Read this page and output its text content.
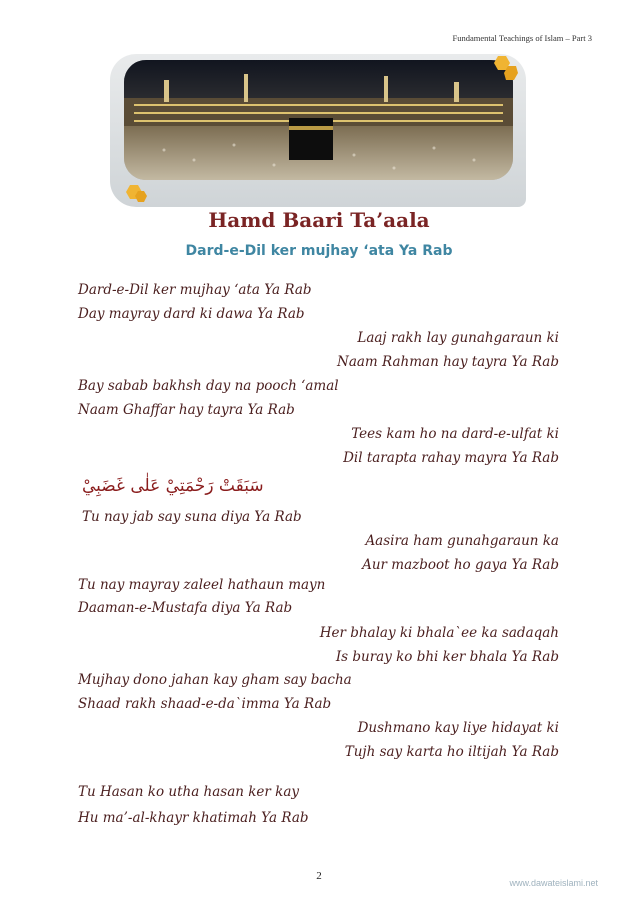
Fundamental Teachings of Islam – Part 3
Hamd Baari Ta’aala
Dard-e-Dil ker mujhay ‘ata Ya Rab
Dard-e-Dil ker mujhay ‘ata Ya Rab
Day mayray dard ki dawa Ya Rab
Laaj rakh lay gunahgaraun ki
Naam Rahman hay tayra Ya Rab
Bay sabab bakhsh day na pooch ‘amal
Naam Ghaffar hay tayra Ya Rab
Tees kam ho na dard-e-ulfat ki
Dil tarapta rahay mayra Ya Rab
سَبَقَتْ رَحْمَتِيْ عَلٰى غَضَبِيْ
Tu nay jab say suna diya Ya Rab
Aasira ham gunahgaraun ka
Aur mazboot ho gaya Ya Rab
Tu nay mayray zaleel hathaun mayn
Daaman-e-Mustafa diya Ya Rab
Her bhalay ki bhala`ee ka sadaqah
Is buray ko bhi ker bhala Ya Rab
Mujhay dono jahan kay gham say bacha
Shaad rakh shaad-e-da`imma Ya Rab
Dushmano kay liye hidayat ki
Tujh say karta ho iltijah Ya Rab
Tu Hasan ko utha hasan ker kay
Hu ma’-al-khayr khatimah Ya Rab
2
www.dawateislami.net
